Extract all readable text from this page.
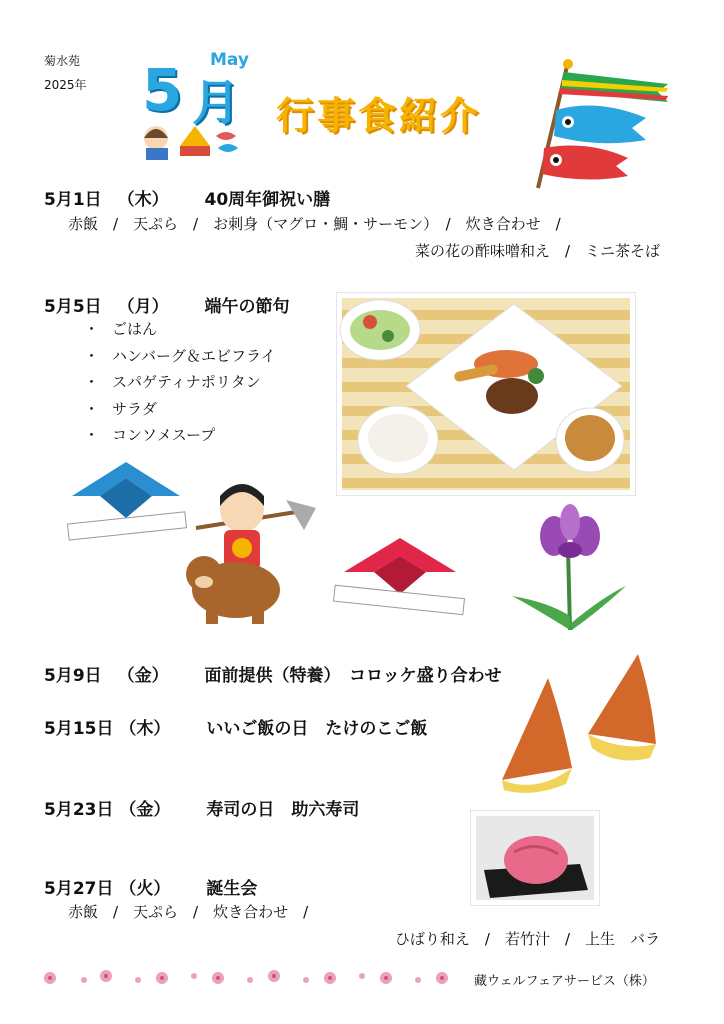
菊水苑
2025年
May
5 月 行事食紹介
5月1日 （木） 40周年御祝い膳
赤飯　/　天ぷら　/　お刺身（マグロ・鯛・サーモン）　/　炊き合わせ　/
菜の花の酢味噌和え　/　ミニ茶そば
5月5日 （月） 端午の節句
・ ごはん
・ ハンバーグ＆エビフライ
・ スパゲティナポリタン
・ サラダ
・ コンソメスープ
5月9日 （金） 面前提供（特養）　コロッケ盛り合わせ
5月15日 （木） いいご飯の日　たけのこご飯
5月23日 （金） 寿司の日　助六寿司
5月27日 （火） 誕生会
赤飯　/　天ぷら　/　炊き合わせ　/
ひばり和え　/　若竹汁　/　上生　バラ
藏ウェルフェアサービス（株）
